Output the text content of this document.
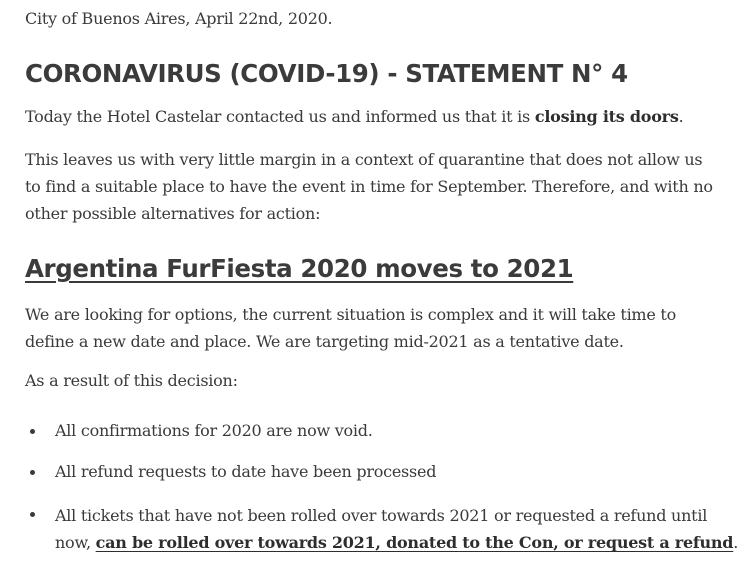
City of Buenos Aires, April 22nd, 2020.

CORONAVIRUS (COVID-19) - STATEMENT N° 4

Today the Hotel Castelar contacted us and informed us that it is closing its doors.

This leaves us with very little margin in a context of quarantine that does not allow us
to find a suitable place to have the event in time for September. Therefore, and with no
other possible alternatives for action:

Argentina FurFiesta 2020 moves to 2021

We are looking for options, the current situation is complex and it will take time to
define a new date and place. We are targeting mid-2021 as a tentative date.

As a result of this decision:

All confirmations for 2020 are now void.
All refund requests to date have been processed
All tickets that have not been rolled over towards 2021 or requested a refund until
now, can be rolled over towards 2021, donated to the Con, or request a refund.
